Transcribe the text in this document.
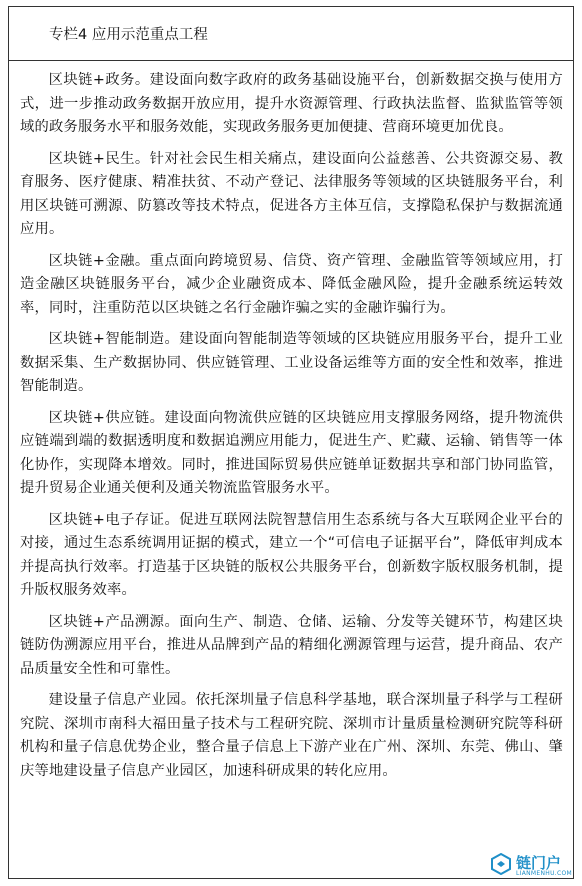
专栏4 应用示范重点工程

区块链+政务。建设面向数字政府的政务基础设施平台，创新数据交换与使用方式，进一步推动政务数据开放应用，提升水资源管理、行政执法监督、监狱监管等领域的政务服务水平和服务效能，实现政务服务更加便捷、营商环境更加优良。

区块链+民生。针对社会民生相关痛点，建设面向公益慈善、公共资源交易、教育服务、医疗健康、精准扶贫、不动产登记、法律服务等领域的区块链服务平台，利用区块链可溯源、防篡改等技术特点，促进各方主体互信，支撑隐私保护与数据流通应用。

区块链+金融。重点面向跨境贸易、信贷、资产管理、金融监管等领域应用，打造金融区块链服务平台，减少企业融资成本、降低金融风险，提升金融系统运转效率，同时，注重防范以区块链之名行金融诈骗之实的金融诈骗行为。

区块链+智能制造。建设面向智能制造等领域的区块链应用服务平台，提升工业数据采集、生产数据协同、供应链管理、工业设备运维等方面的安全性和效率，推进智能制造。

区块链+供应链。建设面向物流供应链的区块链应用支撑服务网络，提升物流供应链端到端的数据透明度和数据追溯应用能力，促进生产、贮藏、运输、销售等一体化协作，实现降本增效。同时，推进国际贸易供应链单证数据共享和部门协同监管，提升贸易企业通关便利及通关物流监管服务水平。

区块链+电子存证。促进互联网法院智慧信用生态系统与各大互联网企业平台的对接，通过生态系统调用证据的模式，建立一个“可信电子证据平台”，降低审判成本并提高执行效率。打造基于区块链的版权公共服务平台，创新数字版权服务机制，提升版权服务效率。

区块链+产品溯源。面向生产、制造、仓储、运输、分发等关键环节，构建区块链防伪溯源应用平台，推进从品牌到产品的精细化溯源管理与运营，提升商品、农产品质量安全性和可靠性。

建设量子信息产业园。依托深圳量子信息科学基地，联合深圳量子科学与工程研究院、深圳市南科大福田量子技术与工程研究院、深圳市计量质量检测研究院等科研机构和量子信息优势企业，整合量子信息上下游产业在广州、深圳、东莞、佛山、肇庆等地建设量子信息产业园区，加速科研成果的转化应用。

链门户
LIANMENHU.COM
